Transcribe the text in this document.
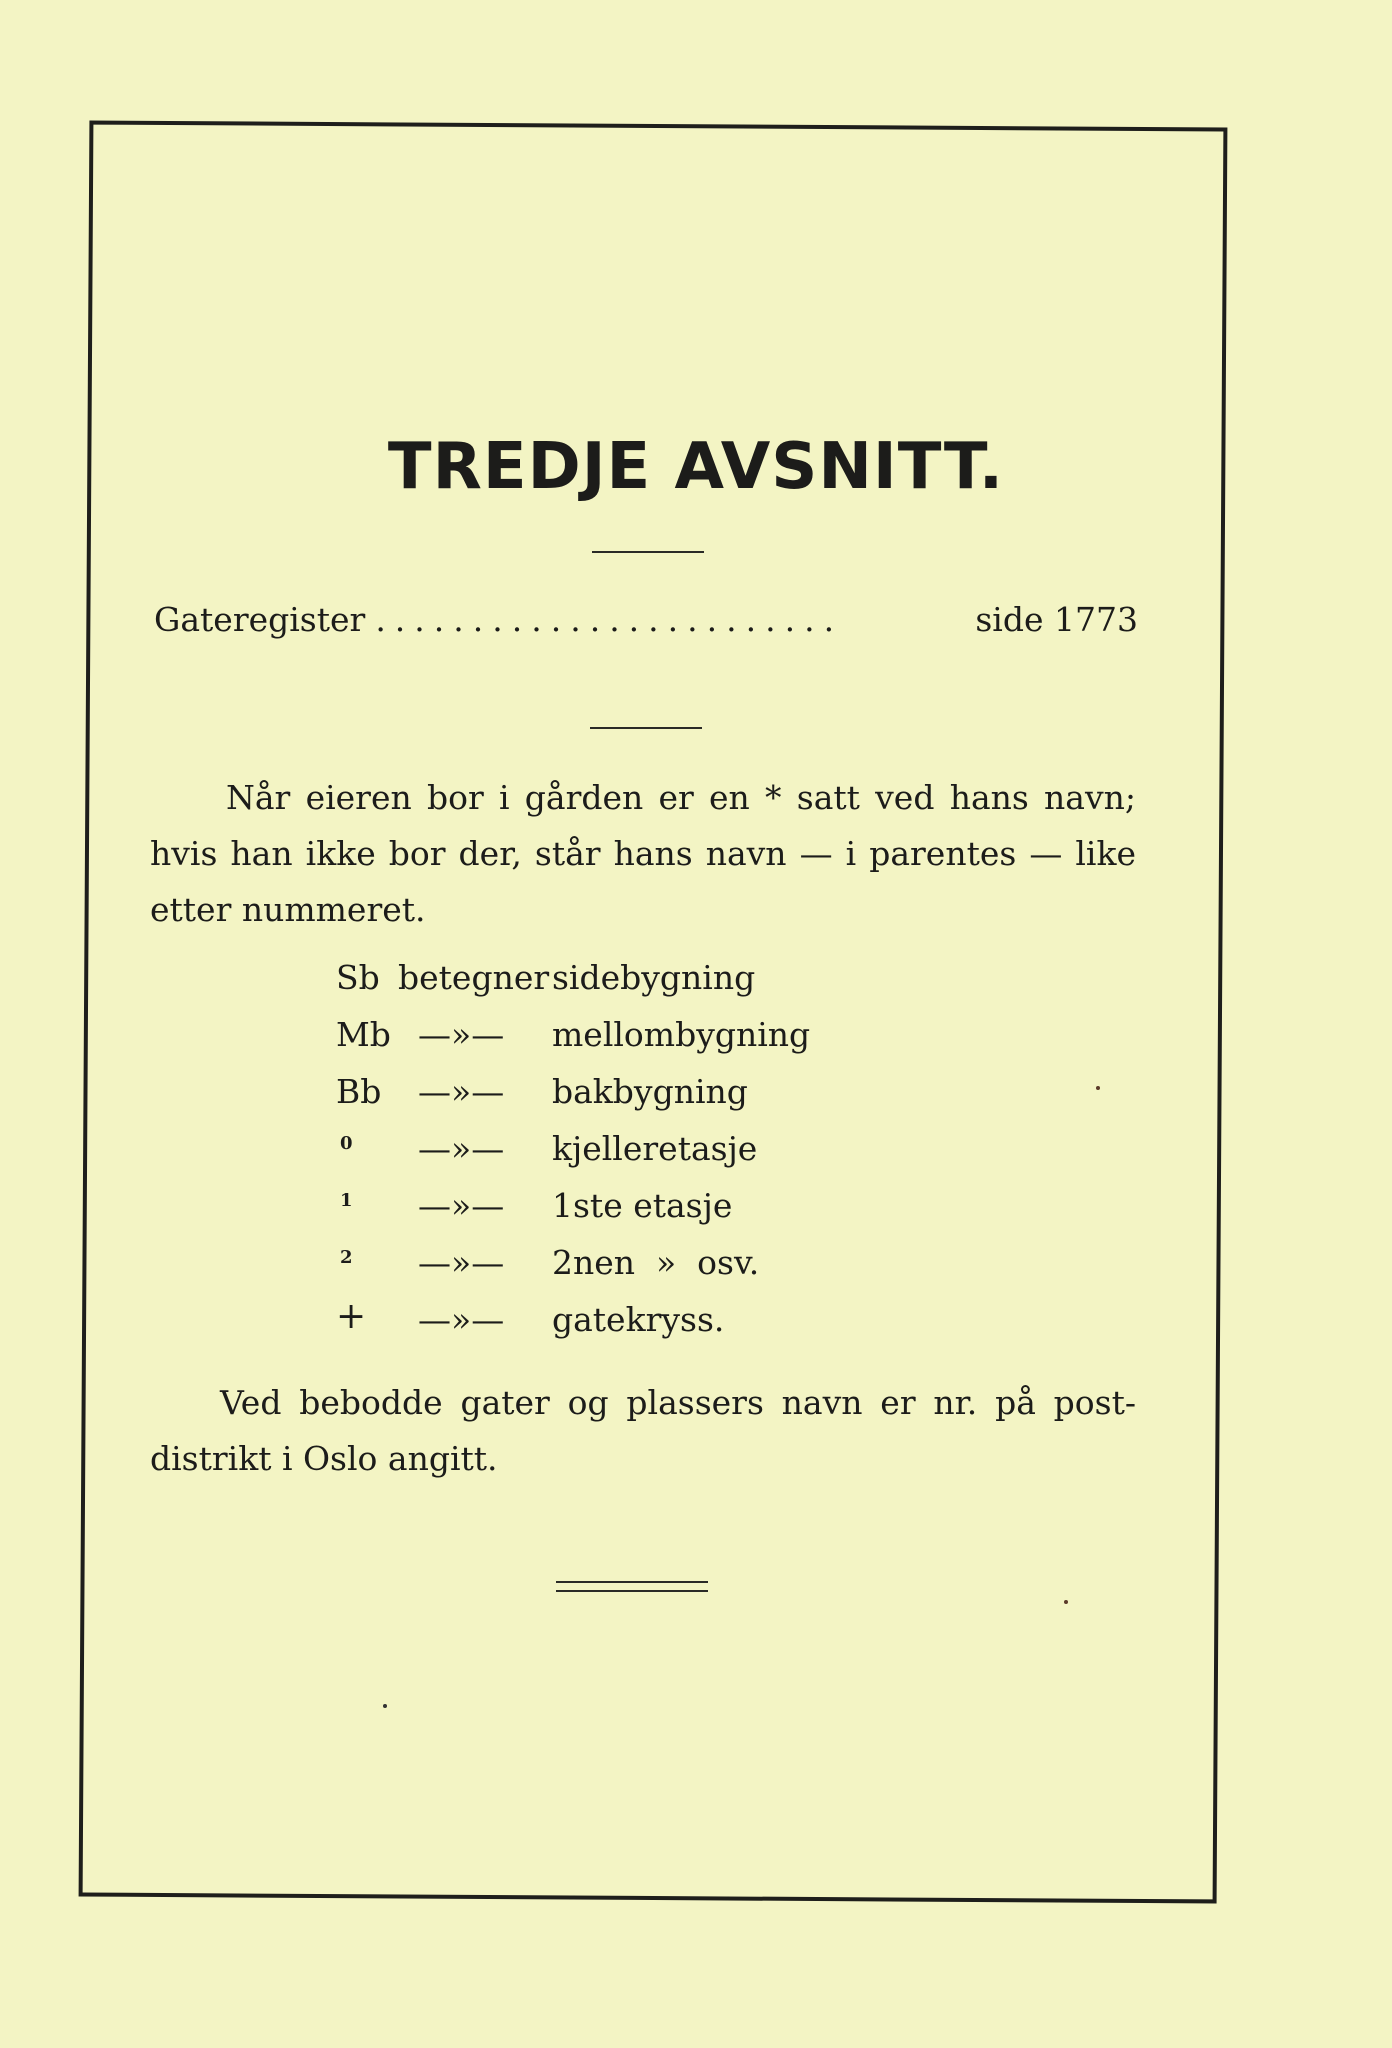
TREDJE AVSNITT.
Gateregister ........................	side 1773
Når eieren bor i gården er en * satt ved hans navn; hvis han ikke bor der, står hans navn — i parentes — like etter nummeret.
Sb betegner sidebygning
Mb —»— mellombygning
Bb —»— bakbygning
0 —»— kjelleretasje
1 —»— 1ste etasje
2 —»— 2nen  »  osv.
+ —»— gatekryss.
Ved bebodde gater og plassers navn er nr. på post-distrikt i Oslo angitt.
